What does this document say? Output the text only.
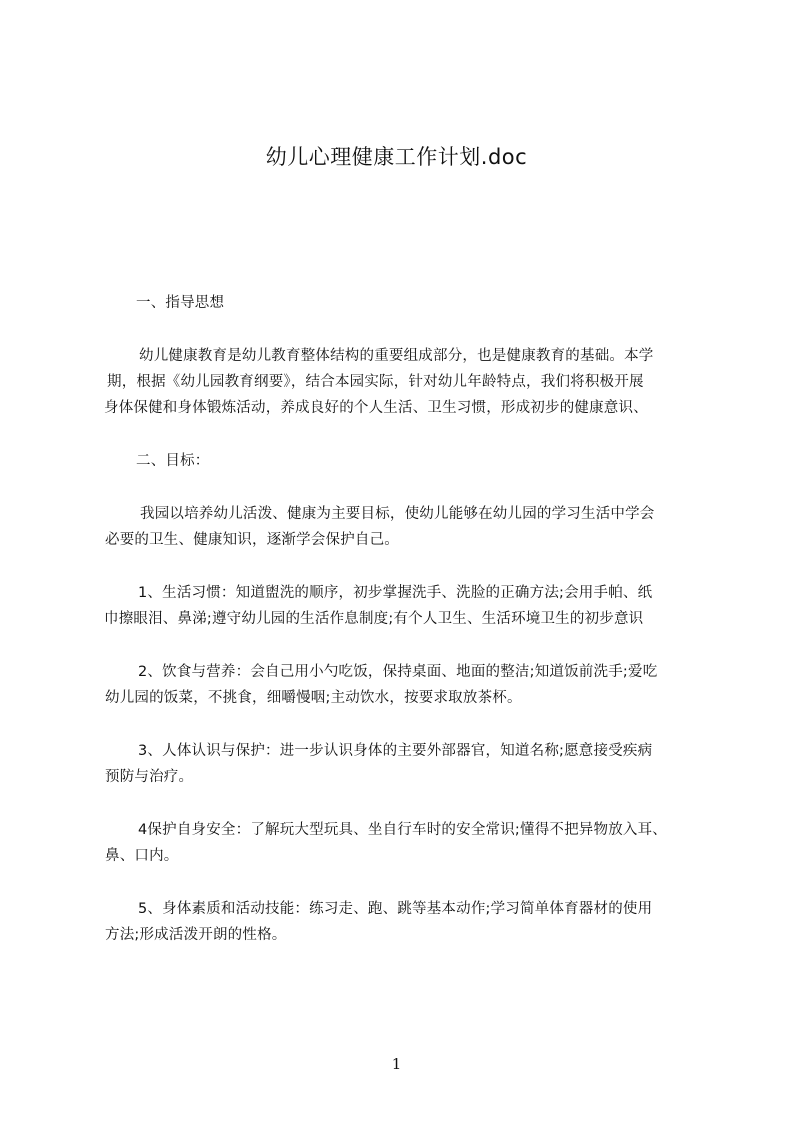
幼儿心理健康工作计划.doc
一、指导思想
幼儿健康教育是幼儿教育整体结构的重要组成部分，也是健康教育的基础。本学
期，根据《幼儿园教育纲要》，结合本园实际，针对幼儿年龄特点，我们将积极开展
身体保健和身体锻炼活动，养成良好的个人生活、卫生习惯，形成初步的健康意识、
二、目标：
我园以培养幼儿活泼、健康为主要目标，使幼儿能够在幼儿园的学习生活中学会
必要的卫生、健康知识，逐渐学会保护自己。
1、生活习惯：知道盥洗的顺序，初步掌握洗手、洗脸的正确方法;会用手帕、纸
巾擦眼泪、鼻涕;遵守幼儿园的生活作息制度;有个人卫生、生活环境卫生的初步意识
2、饮食与营养：会自己用小勺吃饭，保持桌面、地面的整洁;知道饭前洗手;爱吃
幼儿园的饭菜，不挑食，细嚼慢咽;主动饮水，按要求取放茶杯。
3、人体认识与保护：进一步认识身体的主要外部器官，知道名称;愿意接受疾病
预防与治疗。
4保护自身安全：了解玩大型玩具、坐自行车时的安全常识;懂得不把异物放入耳、
鼻、口内。
5、身体素质和活动技能：练习走、跑、跳等基本动作;学习简单体育器材的使用
方法;形成活泼开朗的性格。
1
